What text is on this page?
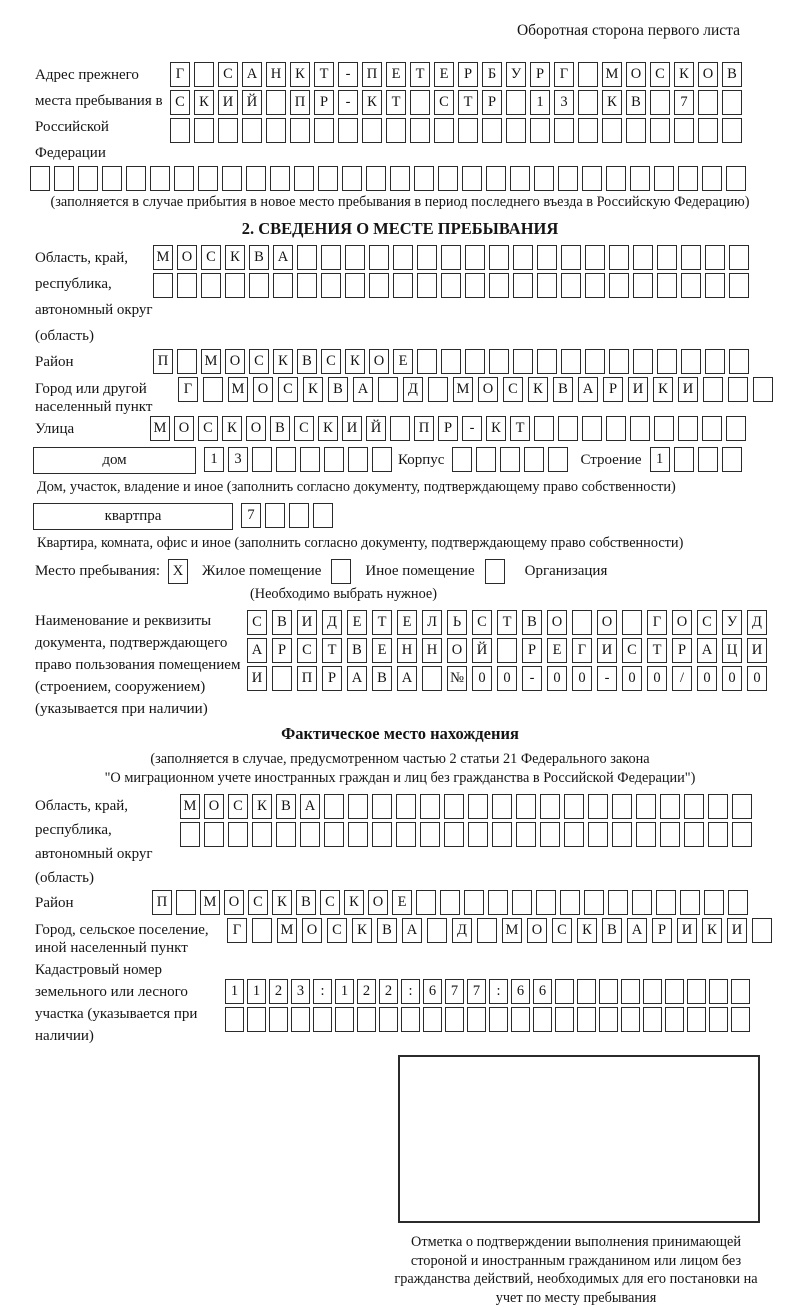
Оборотная сторона первого листа
Адрес прежнего места пребывания в Российской Федерации
Г	С А Н К	Т	-	П Е	Т	Е	Р	Б	У	Р	Г	М О С К О В
С К И Й	П	Р	-	К	Т	С	Т	Р	1	3	К В	7
(заполняется в случае прибытия в новое место пребывания в период последнего въезда в Российскую Федерацию)
2. СВЕДЕНИЯ О МЕСТЕ ПРЕБЫВАНИЯ
Область, край, республика, автономный округ (область)
М О С К В А
Район	П	М О С К В С К О Е
Город или другой населенный пункт
Г	М О	С	К	В	А	Д	М О	С	К	В	А	Р	И	К	И
Улица	М О С К О В С К И Й	П	Р	-	К	Т
дом	1	3	Корпус	Строение 1
Дом, участок, владение и иное (заполнить согласно документу, подтверждающему право собственности)
квартпра	7
Квартира, комната, офис и иное (заполнить согласно документу, подтверждающему право собственности)
Место пребывания: X	Жилое помещение	Иное помещение	Организация
(Необходимо выбрать нужное)
Наименование и реквизиты документа, подтверждающего право пользования помещением (строением, сооружением) (указывается при наличии)
С	В	И	Д	Е	Т	Е	Л	Ь	С	Т	В	О	О	Г	О	С	У	Д
А	Р	С	Т	В	Е	Н	Н	О	Й	Р	Е	Г	И	С	Т	Р	А	Ц	И
И	П	Р	А	В	А	№ 0	0	-	0	0	-	0	0	/	0	0	0
Фактическое место нахождения
(заполняется в случае, предусмотренном частью 2 статьи 21 Федерального закона
"О миграционном учете иностранных граждан и лиц без гражданства в Российской Федерации")
Область, край, республика, автономный округ (область)
М О С К В А
Район	П	М О С К В С К О Е
Город, сельское поселение, иной населенный пункт
Г	М О	С	К	В	А	Д	М О	С	К	В	А	Р	И	К	И
Кадастровый номер земельного или лесного участка (указывается при наличии)
1	1	2	3	:	1	2	2	:	6	7	7	:	6	6
Отметка о подтверждении выполнения принимающей стороной и иностранным гражданином или лицом без гражданства действий, необходимых для его постановки на учет по месту пребывания
